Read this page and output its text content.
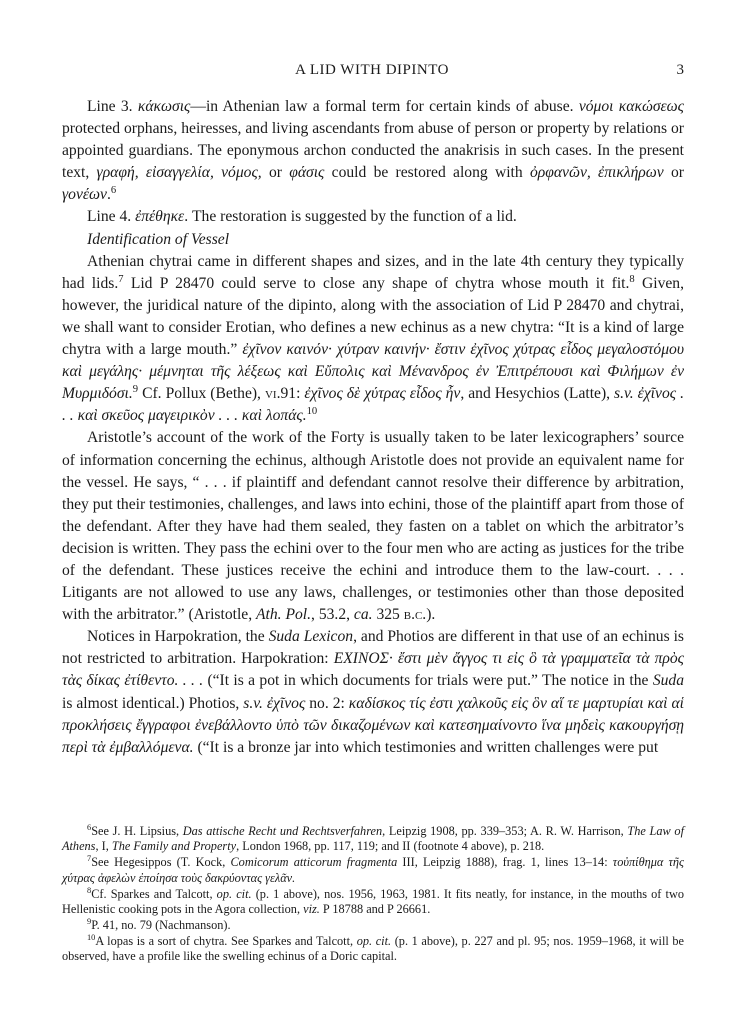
A LID WITH DIPINTO	3

Line 3. κάκωσις—in Athenian law a formal term for certain kinds of abuse. νόμοι κακώσεως protected orphans, heiresses, and living ascendants from abuse of person or property by relations or appointed guardians. The eponymous archon conducted the anakrisis in such cases. In the present text, γραφή, εἰσαγγελία, νόμος, or φάσις could be restored along with ὀρφανῶν, ἐπικλήρων or γονέων.$^6$

Line 4. ἐπέθηκε. The restoration is suggested by the function of a lid.

Identification of Vessel

Athenian chytrai came in different shapes and sizes, and in the late 4th century they typically had lids.$^7$ Lid P 28470 could serve to close any shape of chytra whose mouth it fit.$^8$ Given, however, the juridical nature of the dipinto, along with the association of Lid P 28470 and chytrai, we shall want to consider Erotian, who defines a new echinus as a new chytra: “It is a kind of large chytra with a large mouth.” ἐχῖνον καινόν· χύτραν καινήν· ἔστιν ἐχῖνος χύτρας εἶδος μεγαλοστόμου καὶ μεγάλης· μέμνηται τῆς λέξεως καὶ Εὔπολις καὶ Μένανδρος ἐν Ἐπιτρέπουσι καὶ Φιλήμων ἐν Μυρμιδόσι.$^9$ Cf. Pollux (Bethe), vi.91: ἐχῖνος δὲ χύτρας εἶδος ἦν, and Hesychios (Latte), s.v. ἐχῖνος . . . καὶ σκεῦος μαγειρικὸν . . . καὶ λοπάς.$^{10}$

Aristotle’s account of the work of the Forty is usually taken to be later lexicographers’ source of information concerning the echinus, although Aristotle does not provide an equivalent name for the vessel. He says, “ . . . if plaintiff and defendant cannot resolve their difference by arbitration, they put their testimonies, challenges, and laws into echini, those of the plaintiff apart from those of the defendant. After they have had them sealed, they fasten on a tablet on which the arbitrator’s decision is written. They pass the echini over to the four men who are acting as justices for the tribe of the defendant. These justices receive the echini and introduce them to the law-court. . . . Litigants are not allowed to use any laws, challenges, or testimonies other than those deposited with the arbitrator.” (Aristotle, Ath. Pol., 53.2, ca. 325 b.c.).

Notices in Harpokration, the Suda Lexicon, and Photios are different in that use of an echinus is not restricted to arbitration. Harpokration: ΕΧΙΝΟΣ· ἔστι μὲν ἄγγος τι εἰς ὃ τὰ γραμματεῖα τὰ πρὸς τὰς δίκας ἐτίθεντο. . . . (“It is a pot in which documents for trials were put.” The notice in the Suda is almost identical.) Photios, s.v. ἐχῖνος no. 2: καδίσκος τίς ἐστι χαλκοῦς εἰς ὃν αἵ τε μαρτυρίαι καὶ αἱ προκλήσεις ἔγγραφοι ἐνεβάλλοντο ὑπὸ τῶν δικαζομένων καὶ κατεσημαίνοντο ἵνα μηδεὶς κακουργήσῃ περὶ τὰ ἐμβαλλόμενα. (“It is a bronze jar into which testimonies and written challenges were put

$^6$See J. H. Lipsius, Das attische Recht und Rechtsverfahren, Leipzig 1908, pp. 339–353; A. R. W. Harrison, The Law of Athens, I, The Family and Property, London 1968, pp. 117, 119; and II (footnote 4 above), p. 218.

$^7$See Hegesippos (T. Kock, Comicorum atticorum fragmenta III, Leipzig 1888), frag. 1, lines 13–14: τοὐπίθημα τῆς χύτρας ἀφελὼν ἐποίησα τοὺς δακρύοντας γελᾶν.

$^8$Cf. Sparkes and Talcott, op. cit. (p. 1 above), nos. 1956, 1963, 1981. It fits neatly, for instance, in the mouths of two Hellenistic cooking pots in the Agora collection, viz. P 18788 and P 26661.

$^9$P. 41, no. 79 (Nachmanson).

$^{10}$A lopas is a sort of chytra. See Sparkes and Talcott, op. cit. (p. 1 above), p. 227 and pl. 95; nos. 1959–1968, it will be observed, have a profile like the swelling echinus of a Doric capital.
